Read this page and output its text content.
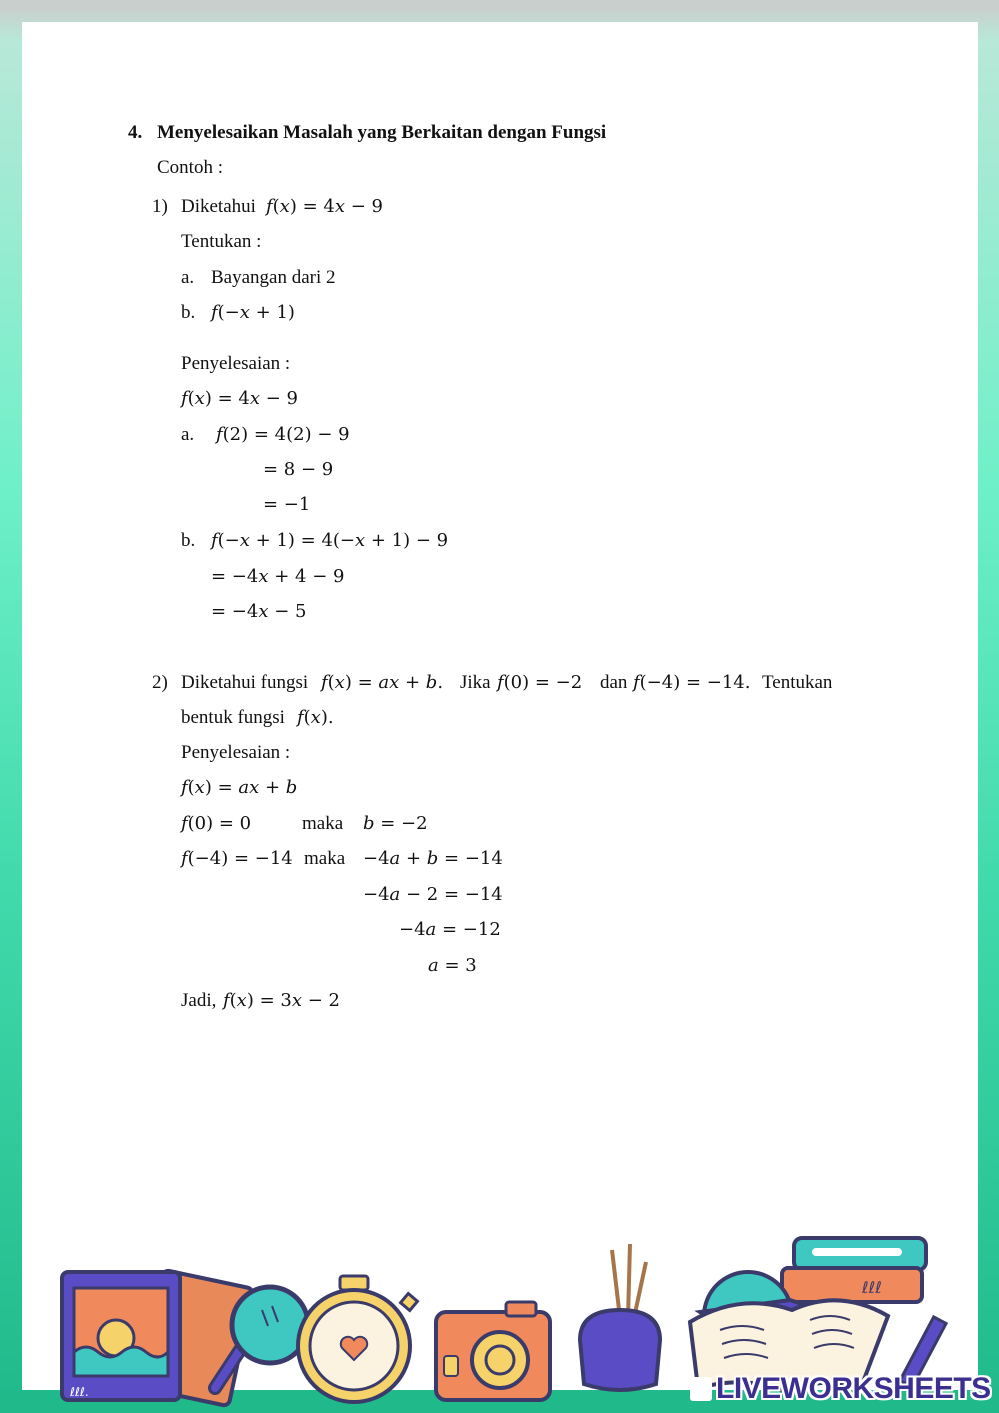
4. Menyelesaikan Masalah yang Berkaitan dengan Fungsi
Contoh :
1) Diketahui 𝑓(𝑥) = 4𝑥 − 9
Tentukan :
a. Bayangan dari 2
b. 𝑓(−𝑥 + 1)
Penyelesaian :
𝑓(𝑥) = 4𝑥 − 9
a. 𝑓(2) = 4(2) − 9
= 8 − 9
= −1
b. 𝑓(−𝑥 + 1) = 4(−𝑥 + 1) − 9
= −4𝑥 + 4 − 9
= −4𝑥 − 5
2) Diketahui fungsi 𝑓(𝑥) = 𝑎𝑥 + 𝑏. Jika 𝑓(0) = −2 dan 𝑓(−4) = −14. Tentukan
bentuk fungsi 𝑓(𝑥).
Penyelesaian :
𝑓(𝑥) = 𝑎𝑥 + 𝑏
𝑓(0) = 0	maka 𝑏 = −2
𝑓(−4) = −14 maka −4𝑎 + 𝑏 = −14
−4𝑎 − 2 = −14
−4𝑎 = −12
𝑎 = 3
Jadi, 𝑓(𝑥) = 3𝑥 − 2
ℓℓℓ.
ℓℓℓ
LIVEWORKSHEETS
